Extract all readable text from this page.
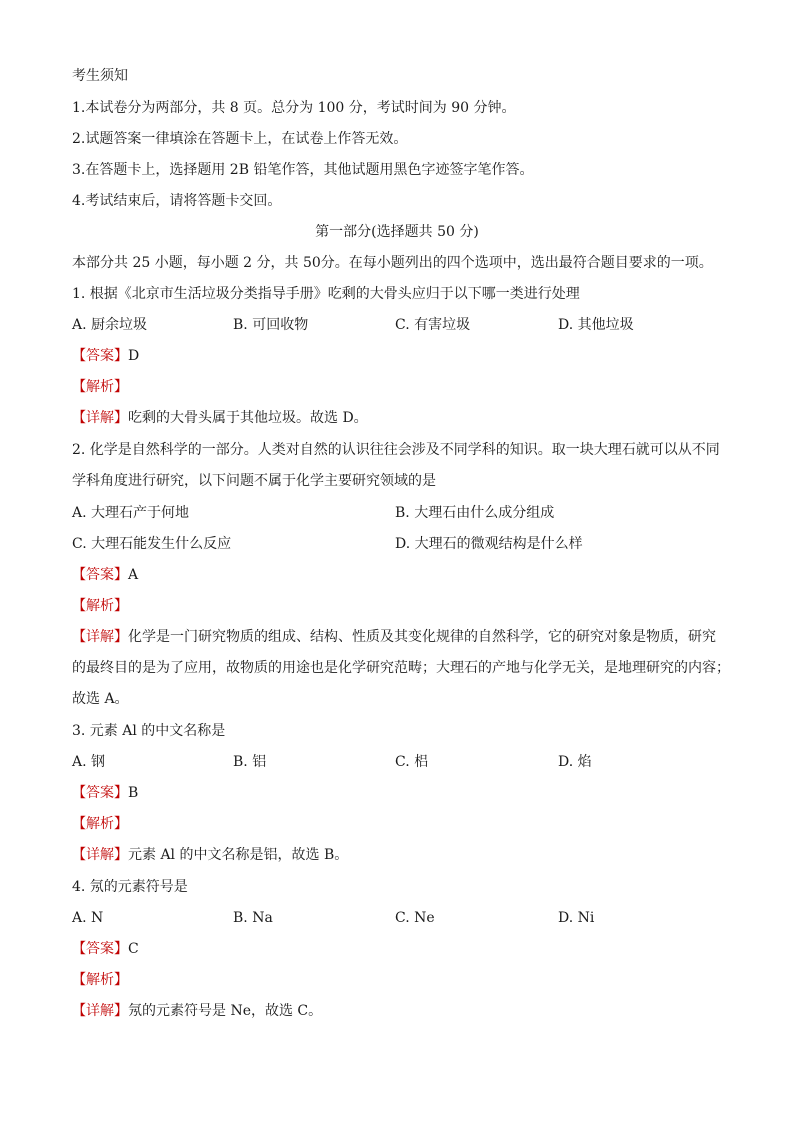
考生须知
1.本试卷分为两部分，共 8 页。总分为 100 分，考试时间为 90 分钟。
2.试题答案一律填涂在答题卡上，在试卷上作答无效。
3.在答题卡上，选择题用 2B 铅笔作答，其他试题用黑色字迹签字笔作答。
4.考试结束后，请将答题卡交回。
第一部分(选择题共 50 分)
本部分共 25 小题，每小题 2 分，共 50分。在每小题列出的四个选项中，选出最符合题目要求的一项。
1. 根据《北京市生活垃圾分类指导手册》吃剩的大骨头应归于以下哪一类进行处理
A. 厨余垃圾	B. 可回收物	C. 有害垃圾	D. 其他垃圾
【答案】D
【解析】
【详解】吃剩的大骨头属于其他垃圾。故选 D。
2. 化学是自然科学的一部分。人类对自然的认识往往会涉及不同学科的知识。取一块大理石就可以从不同
学科角度进行研究，以下问题不属于化学主要研究领域的是
A. 大理石产于何地	B. 大理石由什么成分组成
C. 大理石能发生什么反应	D. 大理石的微观结构是什么样
【答案】A
【解析】
【详解】化学是一门研究物质的组成、结构、性质及其变化规律的自然科学，它的研究对象是物质，研究
的最终目的是为了应用，故物质的用途也是化学研究范畴；大理石的产地与化学无关，是地理研究的内容；
故选 A。
3. 元素 Al 的中文名称是
A. 钢	B. 铝	C. 梠	D. 焰
【答案】B
【解析】
【详解】元素 Al 的中文名称是铝，故选 B。
4. 氖的元素符号是
A. N	B. Na	C. Ne	D. Ni
【答案】C
【解析】
【详解】氖的元素符号是 Ne，故选 C。
